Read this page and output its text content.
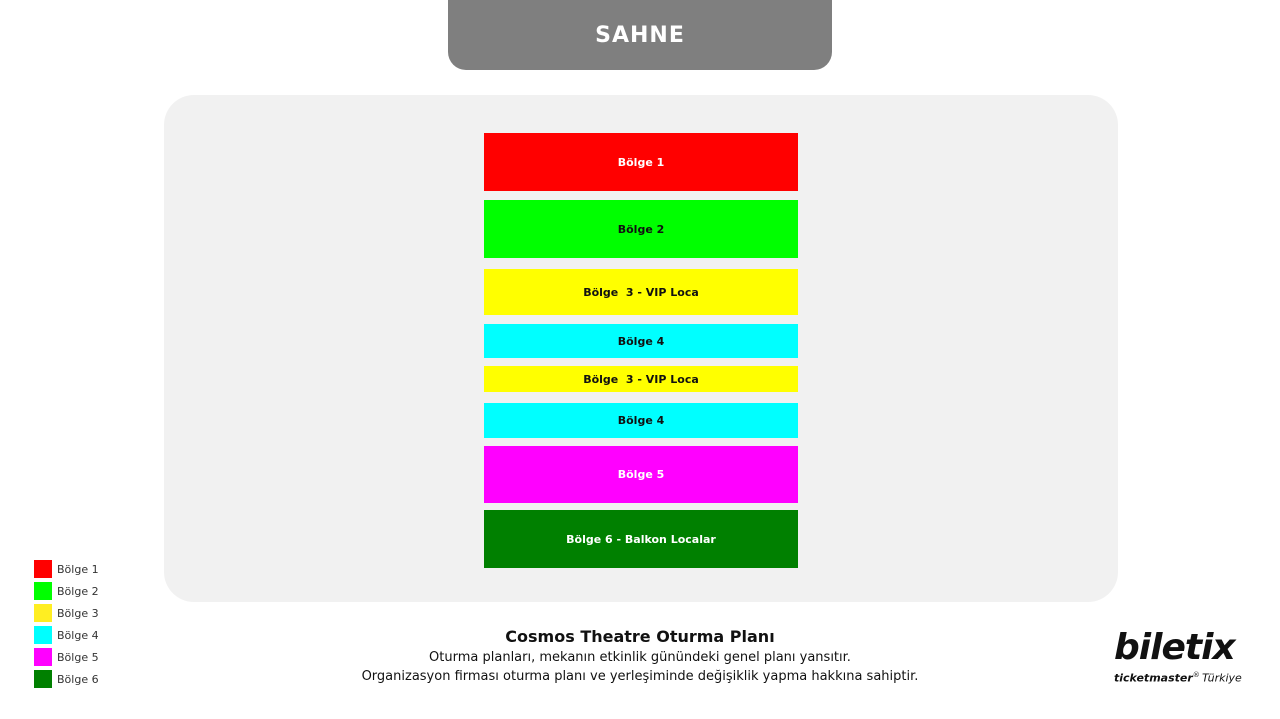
SAHNE
Bölge 1
Bölge 2
Bölge  3 - VIP Loca
Bölge 4
Bölge  3 - VIP Loca
Bölge 4
Bölge 5
Bölge 6 - Balkon Localar
Bölge 1
Bölge 2
Bölge 3
Bölge 4
Bölge 5
Bölge 6
Cosmos Theatre Oturma Planı
Oturma planları, mekanın etkinlik günündeki genel planı yansıtır.
Organizasyon firması oturma planı ve yerleşiminde değişiklik yapma hakkına sahiptir.
biletix
ticketmaster®  Türkiye
